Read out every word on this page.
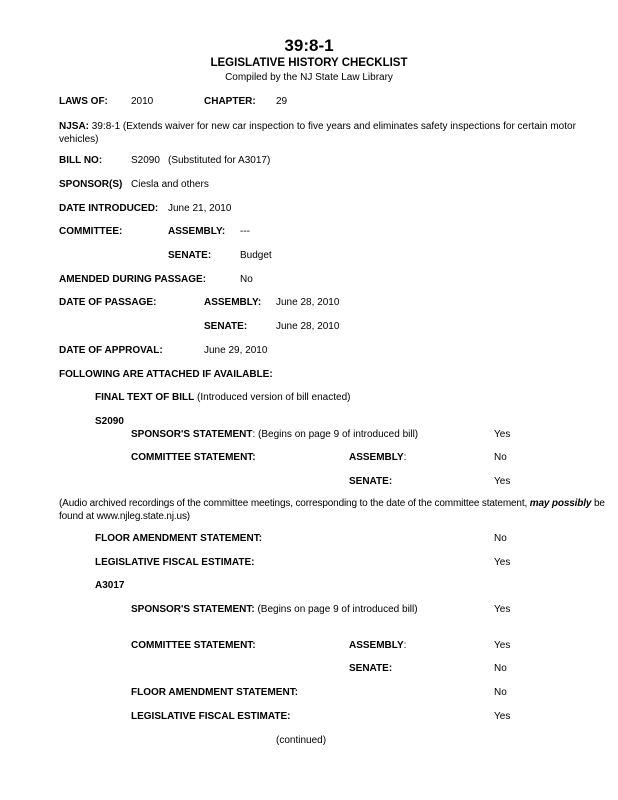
39:8-1
LEGISLATIVE HISTORY CHECKLIST
Compiled by the NJ State Law Library
LAWS OF: 2010	CHAPTER: 29
NJSA: 39:8-1 (Extends waiver for new car inspection to five years and eliminates safety inspections for certain motor vehicles)
BILL NO:	S2090 (Substituted for A3017)
SPONSOR(S) Ciesla and others
DATE INTRODUCED: June 21, 2010
COMMITTEE:	ASSEMBLY: ---
SENATE:	Budget
AMENDED DURING PASSAGE:	No
DATE OF PASSAGE:	ASSEMBLY: June 28, 2010
SENATE:	June 28, 2010
DATE OF APPROVAL:	June 29, 2010
FOLLOWING ARE ATTACHED IF AVAILABLE:
FINAL TEXT OF BILL (Introduced version of bill enacted)
S2090
SPONSOR'S STATEMENT: (Begins on page 9 of introduced bill)	Yes
COMMITTEE STATEMENT:	ASSEMBLY:	No
SENATE:	Yes
(Audio archived recordings of the committee meetings, corresponding to the date of the committee statement, may possibly be found at www.njleg.state.nj.us)
FLOOR AMENDMENT STATEMENT:	No
LEGISLATIVE FISCAL ESTIMATE:	Yes
A3017
SPONSOR'S STATEMENT: (Begins on page 9 of introduced bill)	Yes
COMMITTEE STATEMENT:	ASSEMBLY:	Yes
SENATE:	No
FLOOR AMENDMENT STATEMENT:	No
LEGISLATIVE FISCAL ESTIMATE:	Yes
(continued)
